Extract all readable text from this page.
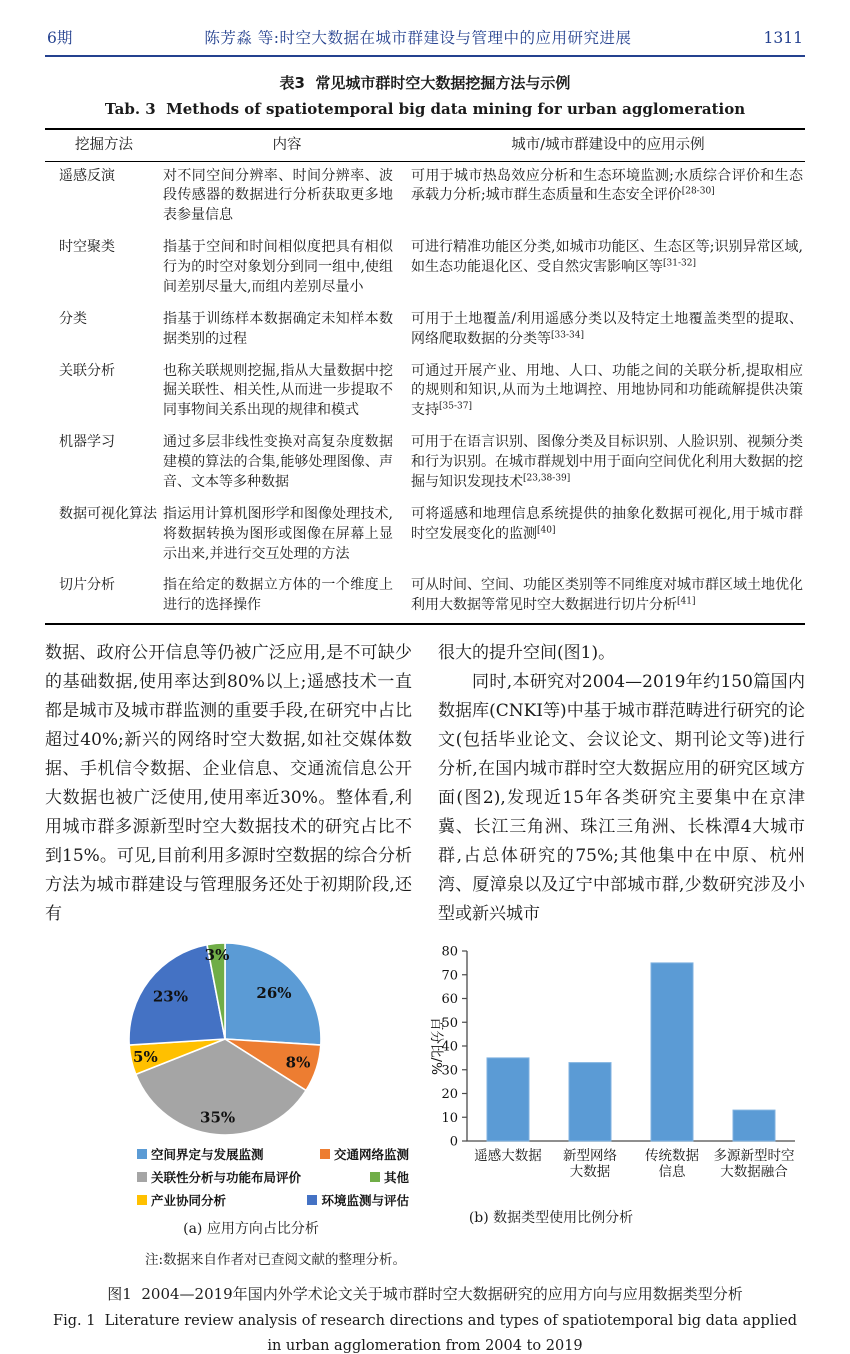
6期	陈芳淼 等:时空大数据在城市群建设与管理中的应用研究进展	1311
表3  常见城市群时空大数据挖掘方法与示例
Tab. 3  Methods of spatiotemporal big data mining for urban agglomeration
挖掘方法	内容	城市/城市群建设中的应用示例
遥感反演	对不同空间分辨率、时间分辨率、波段传感器的数据进行分析获取更多地表参量信息	可用于城市热岛效应分析和生态环境监测;水质综合评价和生态承载力分析;城市群生态质量和生态安全评价[28-30]
时空聚类	指基于空间和时间相似度把具有相似行为的时空对象划分到同一组中,使组间差别尽量大,而组内差别尽量小	可进行精准功能区分类,如城市功能区、生态区等;识别异常区域,如生态功能退化区、受自然灾害影响区等[31-32]
分类	指基于训练样本数据确定未知样本数据类别的过程	可用于土地覆盖/利用遥感分类以及特定土地覆盖类型的提取、网络爬取数据的分类等[33-34]
关联分析	也称关联规则挖掘,指从大量数据中挖掘关联性、相关性,从而进一步提取不同事物间关系出现的规律和模式	可通过开展产业、用地、人口、功能之间的关联分析,提取相应的规则和知识,从而为土地调控、用地协同和功能疏解提供决策支持[35-37]
机器学习	通过多层非线性变换对高复杂度数据建模的算法的合集,能够处理图像、声音、文本等多种数据	可用于在语言识别、图像分类及目标识别、人脸识别、视频分类和行为识别。在城市群规划中用于面向空间优化利用大数据的挖掘与知识发现技术[23,38-39]
数据可视化算法	指运用计算机图形学和图像处理技术,将数据转换为图形或图像在屏幕上显示出来,并进行交互处理的方法	可将遥感和地理信息系统提供的抽象化数据可视化,用于城市群时空发展变化的监测[40]
切片分析	指在给定的数据立方体的一个维度上进行的选择操作	可从时间、空间、功能区类别等不同维度对城市群区域土地优化利用大数据等常见时空大数据进行切片分析[41]

数据、政府公开信息等仍被广泛应用,是不可缺少的基础数据,使用率达到80%以上;遥感技术一直都是城市及城市群监测的重要手段,在研究中占比超过40%;新兴的网络时空大数据,如社交媒体数据、手机信令数据、企业信息、交通流信息公开大数据也被广泛使用,使用率近30%。整体看,利用城市群多源新型时空大数据技术的研究占比不到15%。可见,目前利用多源时空数据的综合分析方法为城市群建设与管理服务还处于初期阶段,还有

很大的提升空间(图1)。

同时,本研究对2004—2019年约150篇国内数据库(CNKI等)中基于城市群范畴进行研究的论文(包括毕业论文、会议论文、期刊论文等)进行分析,在国内城市群时空大数据应用的研究区域方面(图2),发现近15年各类研究主要集中在京津冀、长江三角洲、珠江三角洲、长株潭4大城市群,占总体研究的75%;其他集中在中原、杭州湾、厦漳泉以及辽宁中部城市群,少数研究涉及小型或新兴城市

26%
8%
35%
5%
23%
3%
空间界定与发展监测	交通网络监测
关联性分析与功能布局评价	其他
产业协同分析	环境监测与评估
(a) 应用方向占比分析
0
10
20
30
40
50
60
70
80
百分比/%
遥感大数据 新型网络大数据
传统数据信息
多源新型时空大数据融合
(b) 数据类型使用比例分析
注:数据来自作者对已查阅文献的整理分析。
图1  2004—2019年国内外学术论文关于城市群时空大数据研究的应用方向与应用数据类型分析
Fig. 1  Literature review analysis of research directions and types of spatiotemporal big data applied
in urban agglomeration from 2004 to 2019
